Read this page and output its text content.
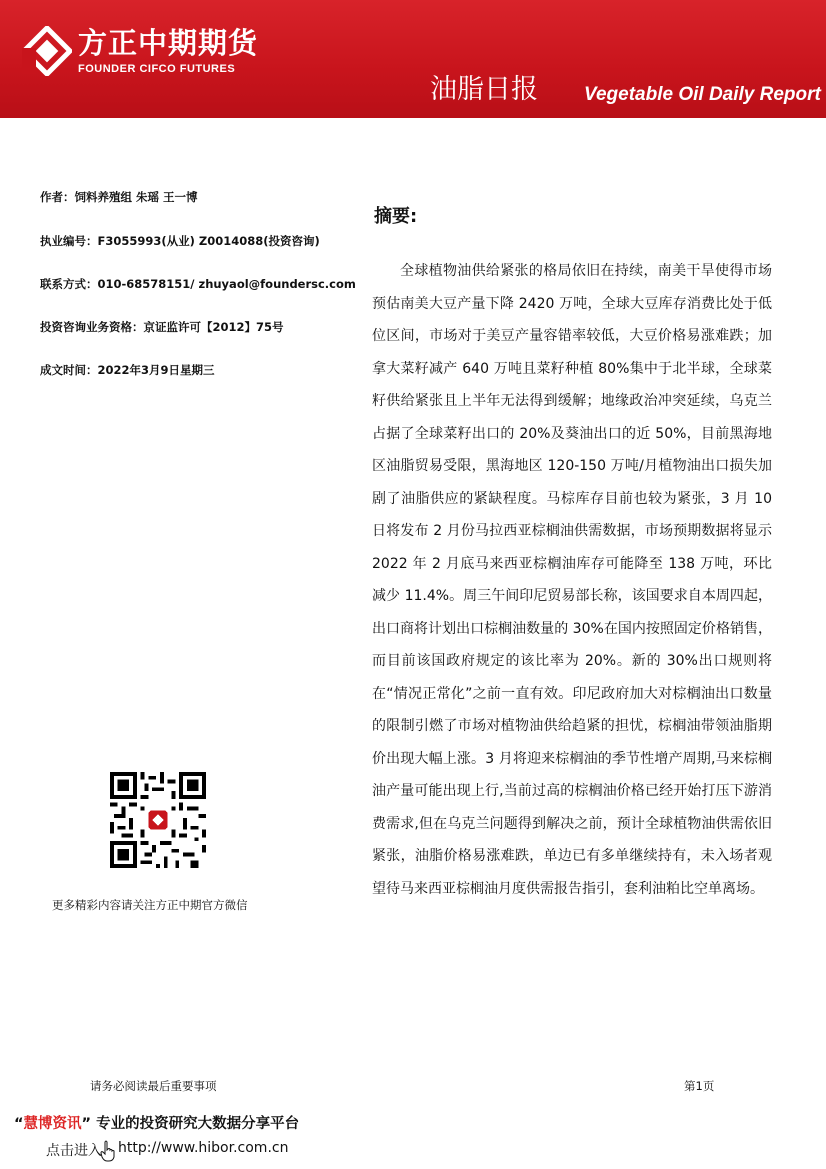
方正中期期货
FOUNDER CIFCO FUTURES
油脂日报 Vegetable Oil Daily Report
作者：饲料养殖组 朱瑶 王一博
执业编号：F3055993(从业) Z0014088(投资咨询)
联系方式：010-68578151/ zhuyaol@foundersc.com
投资咨询业务资格：京证监许可【2012】75号
成文时间：2022年3月9日星期三
更多精彩内容请关注方正中期官方微信
摘要:

全球植物油供给紧张的格局依旧在持续，南美干旱使得市场预估南美大豆产量下降 2420 万吨，全球大豆库存消费比处于低位区间，市场对于美豆产量容错率较低，大豆价格易涨难跌；加拿大菜籽减产 640 万吨且菜籽种植 80%集中于北半球，全球菜籽供给紧张且上半年无法得到缓解；地缘政治冲突延续，乌克兰占据了全球菜籽出口的 20%及葵油出口的近 50%，目前黑海地区油脂贸易受限，黑海地区 120-150 万吨/月植物油出口损失加剧了油脂供应的紧缺程度。马棕库存目前也较为紧张，3 月 10 日将发布 2 月份马拉西亚棕榈油供需数据，市场预期数据将显示 2022 年 2 月底马来西亚棕榈油库存可能降至 138 万吨，环比减少 11.4%。周三午间印尼贸易部长称，该国要求自本周四起，出口商将计划出口棕榈油数量的 30%在国内按照固定价格销售，而目前该国政府规定的该比率为 20%。新的 30%出口规则将在“情况正常化”之前一直有效。印尼政府加大对棕榈油出口数量的限制引燃了市场对植物油供给趋紧的担忧，棕榈油带领油脂期价出现大幅上涨。3 月将迎来棕榈油的季节性增产周期,马来棕榈油产量可能出现上行,当前过高的棕榈油价格已经开始打压下游消费需求,但在乌克兰问题得到解决之前，预计全球植物油供需依旧紧张，油脂价格易涨难跌，单边已有多单继续持有，未入场者观望待马来西亚棕榈油月度供需报告指引，套利油粕比空单离场。

请务必阅读最后重要事项	第1页
“慧博资讯” 专业的投资研究大数据分享平台
点击进入 http://www.hibor.com.cn
